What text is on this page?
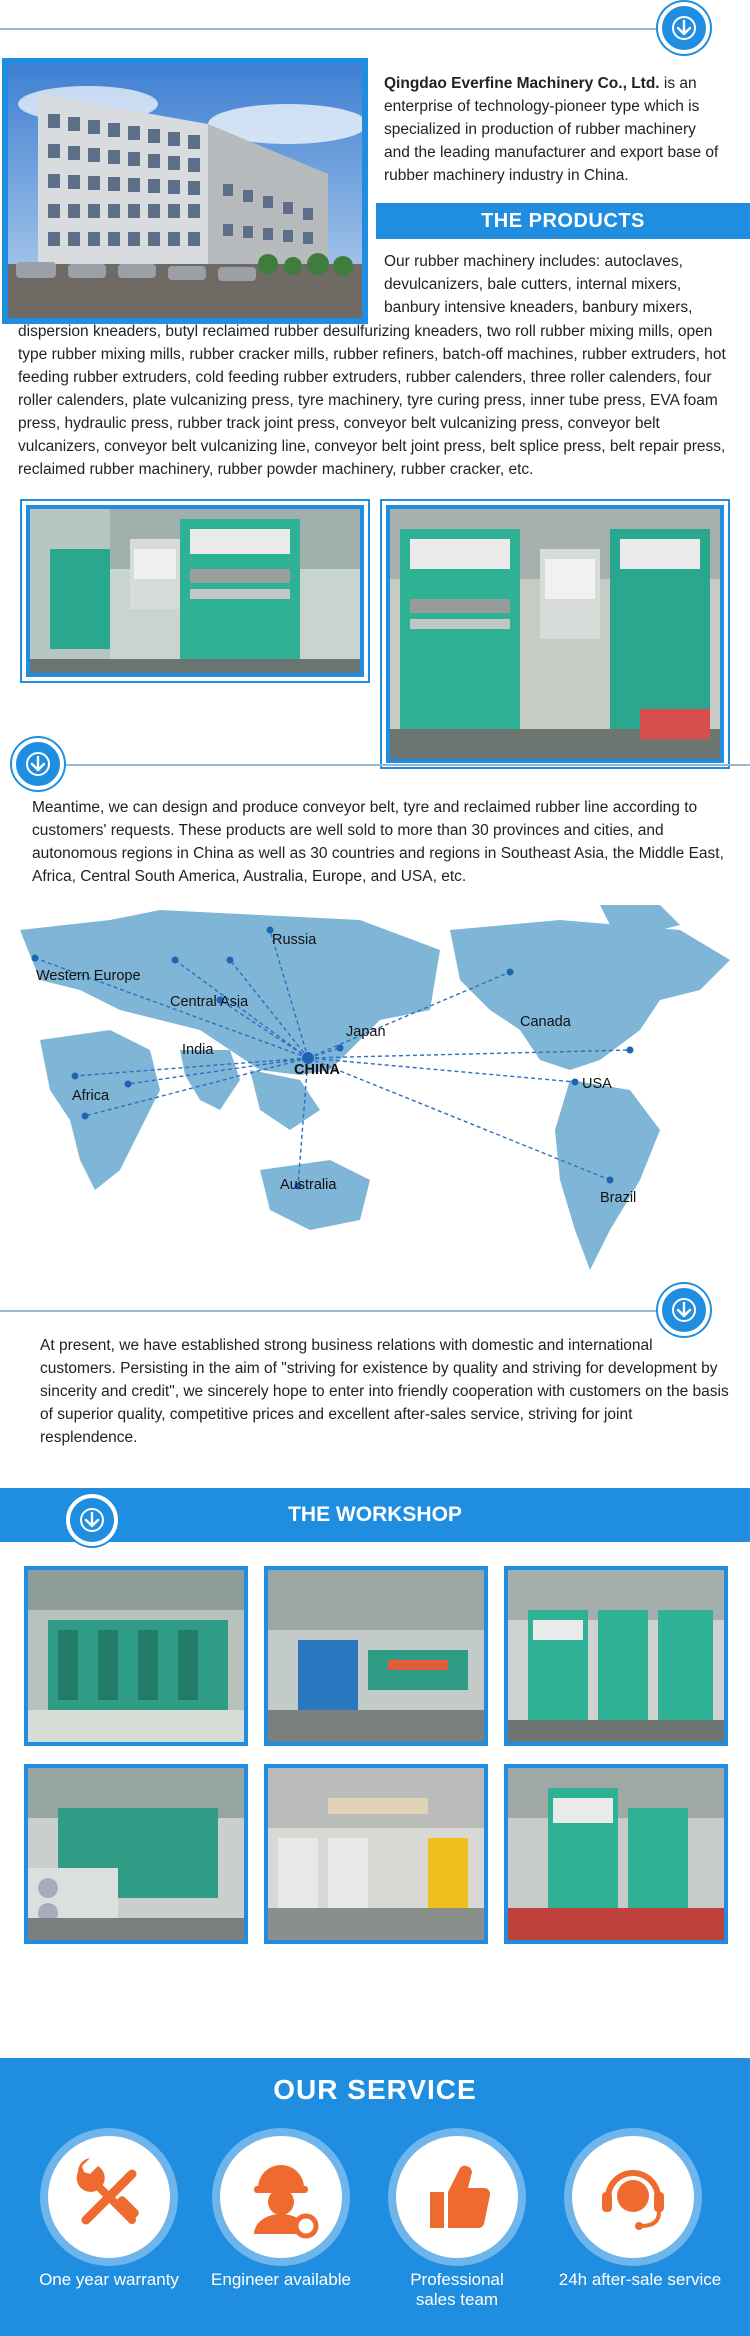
Qingdao Everfine Machinery Co., Ltd. is an enterprise of technology-pioneer type which is specialized in production of rubber machinery and the leading manufacturer and export base of rubber machinery industry in China.

THE PRODUCTS

Our rubber machinery includes: autoclaves, devulcanizers, bale cutters, internal mixers, banbury intensive kneaders, banbury mixers,

dispersion kneaders, butyl reclaimed rubber desulfurizing kneaders, two roll rubber mixing mills, open type rubber mixing mills, rubber cracker mills, rubber refiners, batch-off machines, rubber extruders, hot feeding rubber extruders, cold feeding rubber extruders, rubber calenders, three roller calenders, four roller calenders, plate vulcanizing press, tyre machinery, tyre curing press, inner tube press, EVA foam press, hydraulic press, rubber track joint press, conveyor belt vulcanizing press, conveyor belt vulcanizers, conveyor belt vulcanizing line, conveyor belt joint press, belt splice press, belt repair press, reclaimed rubber machinery, rubber powder machinery, rubber cracker, etc.

Meantime, we can design and produce conveyor belt, tyre and reclaimed rubber line according to customers' requests. These products are well sold to more than 30 provinces and cities, and autonomous regions in China as well as 30 countries and regions in Southeast Asia, the Middle East, Africa, Central South America, Australia, Europe, and USA, etc.

Russia
Western Europe
Central Asia
Japan
India
CHINA
Africa
Australia
Canada
USA
Brazil

At present, we have established strong business relations with domestic and international customers. Persisting in the aim of "striving for existence by quality and striving for development by sincerity and credit", we sincerely hope to enter into friendly cooperation with customers on the basis of superior quality, competitive prices and excellent after-sales service, striving for joint resplendence.

THE WORKSHOP
OUR SERVICE
One year warranty	Engineer available	Professional sales team
24h after-sale service
